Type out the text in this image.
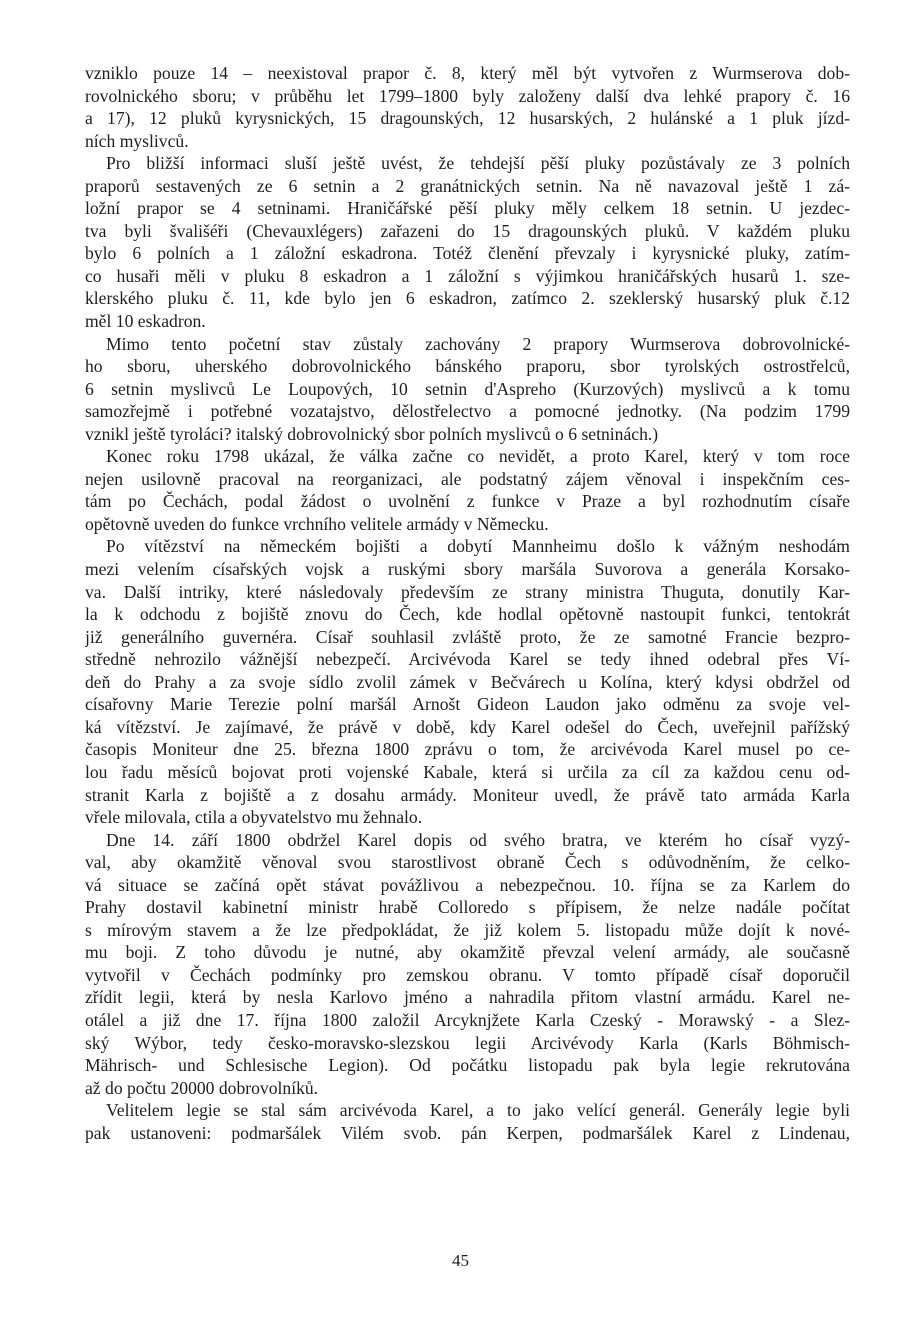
vzniklo pouze 14 – neexistoval prapor č. 8, který měl být vytvořen z Wurmserova dob-
rovolnického sboru; v průběhu let 1799–1800 byly založeny další dva lehké prapory č. 16
a 17), 12 pluků kyrysnických, 15 dragounských, 12 husarských, 2 hulánské a 1 pluk jízd-
ních myslivců.
Pro bližší informaci sluší ještě uvést, že tehdejší pěší pluky pozůstávaly ze 3 polních
praporů sestavených ze 6 setnin a 2 granátnických setnin. Na ně navazoval ještě 1 zá-
ložní prapor se 4 setninami. Hraničářské pěší pluky měly celkem 18 setnin. U jezdec-
tva byli švališéři (Chevauxlégers) zařazeni do 15 dragounských pluků. V každém pluku
bylo 6 polních a 1 záložní eskadrona. Totéž členění převzaly i kyrysnické pluky, zatím-
co husaři měli v pluku 8 eskadron a 1 záložní s výjimkou hraničářských husarů 1. sze-
klerského pluku č. 11, kde bylo jen 6 eskadron, zatímco 2. szeklerský husarský pluk č.12
měl 10 eskadron.
Mimo tento početní stav zůstaly zachovány 2 prapory Wurmserova dobrovolnické-
ho sboru, uherského dobrovolnického bánského praporu, sbor tyrolských ostrostřelců,
6 setnin myslivců Le Loupových, 10 setnin d'Aspreho (Kurzových) myslivců a k tomu
samozřejmě i potřebné vozatajstvo, dělostřelectvo a pomocné jednotky. (Na podzim 1799
vznikl ještě tyroláci? italský dobrovolnický sbor polních myslivců o 6 setninách.)
Konec roku 1798 ukázal, že válka začne co nevidět, a proto Karel, který v tom roce
nejen usilovně pracoval na reorganizaci, ale podstatný zájem věnoval i inspekčním ces-
tám po Čechách, podal žádost o uvolnění z funkce v Praze a byl rozhodnutím císaře
opětovně uveden do funkce vrchního velitele armády v Německu.
Po vítězství na německém bojišti a dobytí Mannheimu došlo k vážným neshodám
mezi velením císařských vojsk a ruskými sbory maršála Suvorova a generála Korsako-
va. Další intriky, které následovaly především ze strany ministra Thuguta, donutily Kar-
la k odchodu z bojiště znovu do Čech, kde hodlal opětovně nastoupit funkci, tentokrát
již generálního guvernéra. Císař souhlasil zvláště proto, že ze samotné Francie bezpro-
středně nehrozilo vážnější nebezpečí. Arcivévoda Karel se tedy ihned odebral přes Ví-
deň do Prahy a za svoje sídlo zvolil zámek v Bečvárech u Kolína, který kdysi obdržel od
císařovny Marie Terezie polní maršál Arnošt Gideon Laudon jako odměnu za svoje vel-
ká vítězství. Je zajímavé, že právě v době, kdy Karel odešel do Čech, uveřejnil pařížský
časopis Moniteur dne 25. března 1800 zprávu o tom, že arcivévoda Karel musel po ce-
lou řadu měsíců bojovat proti vojenské Kabale, která si určila za cíl za každou cenu od-
stranit Karla z bojiště a z dosahu armády. Moniteur uvedl, že právě tato armáda Karla
vřele milovala, ctila a obyvatelstvo mu žehnalo.
Dne 14. září 1800 obdržel Karel dopis od svého bratra, ve kterém ho císař vyzý-
val, aby okamžitě věnoval svou starostlivost obraně Čech s odůvodněním, že celko-
vá situace se začíná opět stávat povážlivou a nebezpečnou. 10. října se za Karlem do
Prahy dostavil kabinetní ministr hrabě Colloredo s přípisem, že nelze nadále počítat
s mírovým stavem a že lze předpokládat, že již kolem 5. listopadu může dojít k nové-
mu boji. Z toho důvodu je nutné, aby okamžitě převzal velení armády, ale současně
vytvořil v Čechách podmínky pro zemskou obranu. V tomto případě císař doporučil
zřídit legii, která by nesla Karlovo jméno a nahradila přitom vlastní armádu. Karel ne-
otálel a již dne 17. října 1800 založil Arcyknjžete Karla Czeský - Morawský - a Slez-
ský Wýbor, tedy česko-moravsko-slezskou legii Arcivévody Karla (Karls Böhmisch-
Mährisch- und Schlesische Legion). Od počátku listopadu pak byla legie rekrutována
až do počtu 20000 dobrovolníků.
Velitelem legie se stal sám arcivévoda Karel, a to jako velící generál. Generály legie byli
pak ustanoveni: podmaršálek Vilém svob. pán Kerpen, podmaršálek Karel z Lindenau,
45
